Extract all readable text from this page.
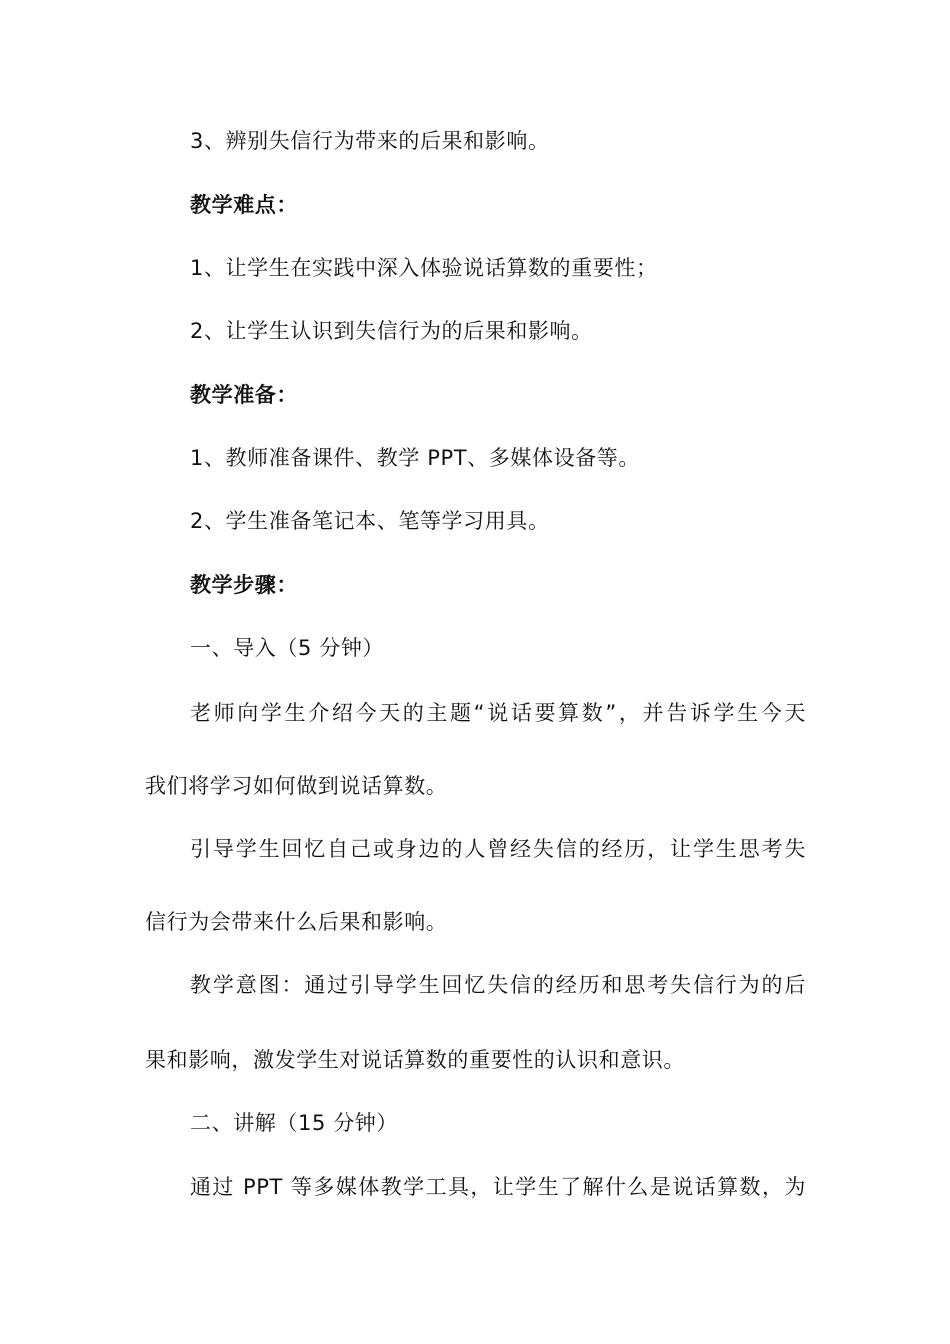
3、辨别失信行为带来的后果和影响。
教学难点：
1、让学生在实践中深入体验说话算数的重要性；
2、让学生认识到失信行为的后果和影响。
教学准备：
1、教师准备课件、教学 PPT、多媒体设备等。
2、学生准备笔记本、笔等学习用具。
教学步骤：
一、导入（5 分钟）
老师向学生介绍今天的主题“说话要算数”，并告诉学生今天
我们将学习如何做到说话算数。
引导学生回忆自己或身边的人曾经失信的经历，让学生思考失
信行为会带来什么后果和影响。
教学意图：通过引导学生回忆失信的经历和思考失信行为的后
果和影响，激发学生对说话算数的重要性的认识和意识。
二、讲解（15 分钟）
通过 PPT 等多媒体教学工具，让学生了解什么是说话算数，为
